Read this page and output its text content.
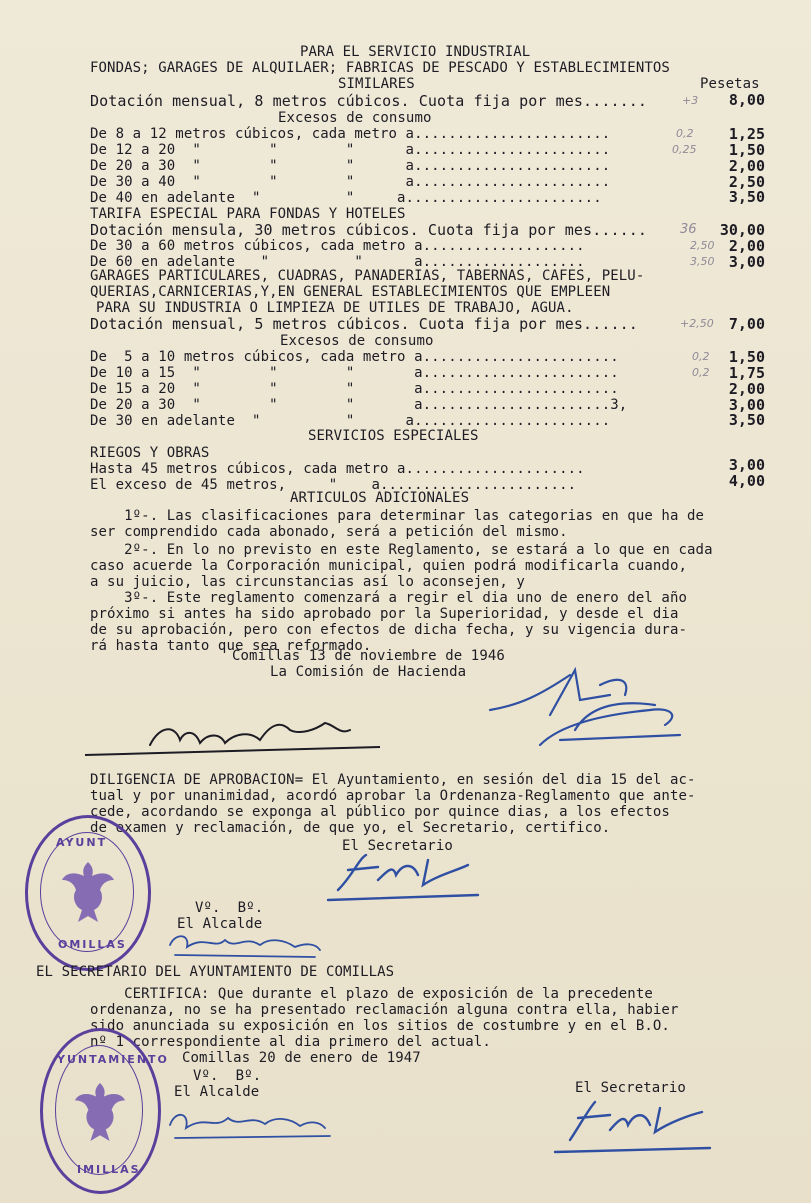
PARA EL SERVICIO INDUSTRIAL
FONDAS; GARAGES DE ALQUILAER; FABRICAS DE PESCADO Y ESTABLECIMIENTOS
SIMILARES	Pesetas
Dotación mensual, 8 metros cúbicos. Cuota fija por mes.......	+3	8,00
Excesos de consumo
De 8 a 12 metros cúbicos, cada metro a.......................	0,2	1,25
De 12 a 20  "        "        "      a.......................	0,25	1,50
De 20 a 30  "        "        "      a.......................	2,00
De 30 a 40  "        "        "      a.......................	2,50
De 40 en adelante  "          "     a.......................	3,50
TARIFA ESPECIAL PARA FONDAS Y HOTELES
Dotación mensula, 30 metros cúbicos. Cuota fija por mes......	36	30,00
De 30 a 60 metros cúbicos, cada metro a...................	2,50 2,00
De 60 en adelante   "          "      a...................	3,50 3,00
GARAGES PARTICULARES, CUADRAS, PANADERIAS, TABERNAS, CAFES, PELU-
QUERIAS,CARNICERIAS,Y,EN GENERAL ESTABLECIMIENTOS QUE EMPLEEN
PARA SU INDUSTRIA O LIMPIEZA DE UTILES DE TRABAJO, AGUA.
Dotación mensual, 5 metros cúbicos. Cuota fija por mes......	+2,50	7,00
Excesos de consumo
De  5 a 10 metros cúbicos, cada metro a.......................	0,2	1,50
De 10 a 15  "        "        "       a.......................	0,2	1,75
De 15 a 20  "        "        "       a.......................	2,00
De 20 a 30  "        "        "       a......................3,	3,00
De 30 en adelante  "          "      a.......................	3,50
SERVICIOS ESPECIALES
RIEGOS Y OBRAS
Hasta 45 metros cúbicos, cada metro a.....................	3,00
El exceso de 45 metros,     "    a.......................	4,00
ARTICULOS ADICIONALES
1º-. Las clasificaciones para determinar las categorias en que ha de
ser comprendido cada abonado, será a petición del mismo.
2º-. En lo no previsto en este Reglamento, se estará a lo que en cada
caso acuerde la Corporación municipal, quien podrá modificarla cuando,
a su juicio, las circunstancias así lo aconsejen, y
3º-. Este reglamento comenzará a regir el dia uno de enero del año
próximo si antes ha sido aprobado por la Superioridad, y desde el dia
de su aprobación, pero con efectos de dicha fecha, y su vigencia dura-
rá hasta tanto que sea reformado.
Comillas 13 de noviembre de 1946
La Comisión de Hacienda
DILIGENCIA DE APROBACION= El Ayuntamiento, en sesión del dia 15 del ac-
tual y por unanimidad, acordó aprobar la Ordenanza-Reglamento que ante-
cede, acordando se exponga al público por quince dias, a los efectos
de examen y reclamación, de que yo, el Secretario, certifico.
El Secretario
Vº.  Bº.
El Alcalde
AYUNT
OMILLAS
EL SECRETARIO DEL AYUNTAMIENTO DE COMILLAS
CERTIFICA: Que durante el plazo de exposición de la precedente
ordenanza, no se ha presentado reclamación alguna contra ella, habier
sido anunciada su exposición en los sitios de costumbre y en el B.O.
nº 1 correspondiente al dia primero del actual.
Comillas 20 de enero de 1947
Vº.  Bº.
El Alcalde	El Secretario
YUNTAMIENTO
IMILLAS
